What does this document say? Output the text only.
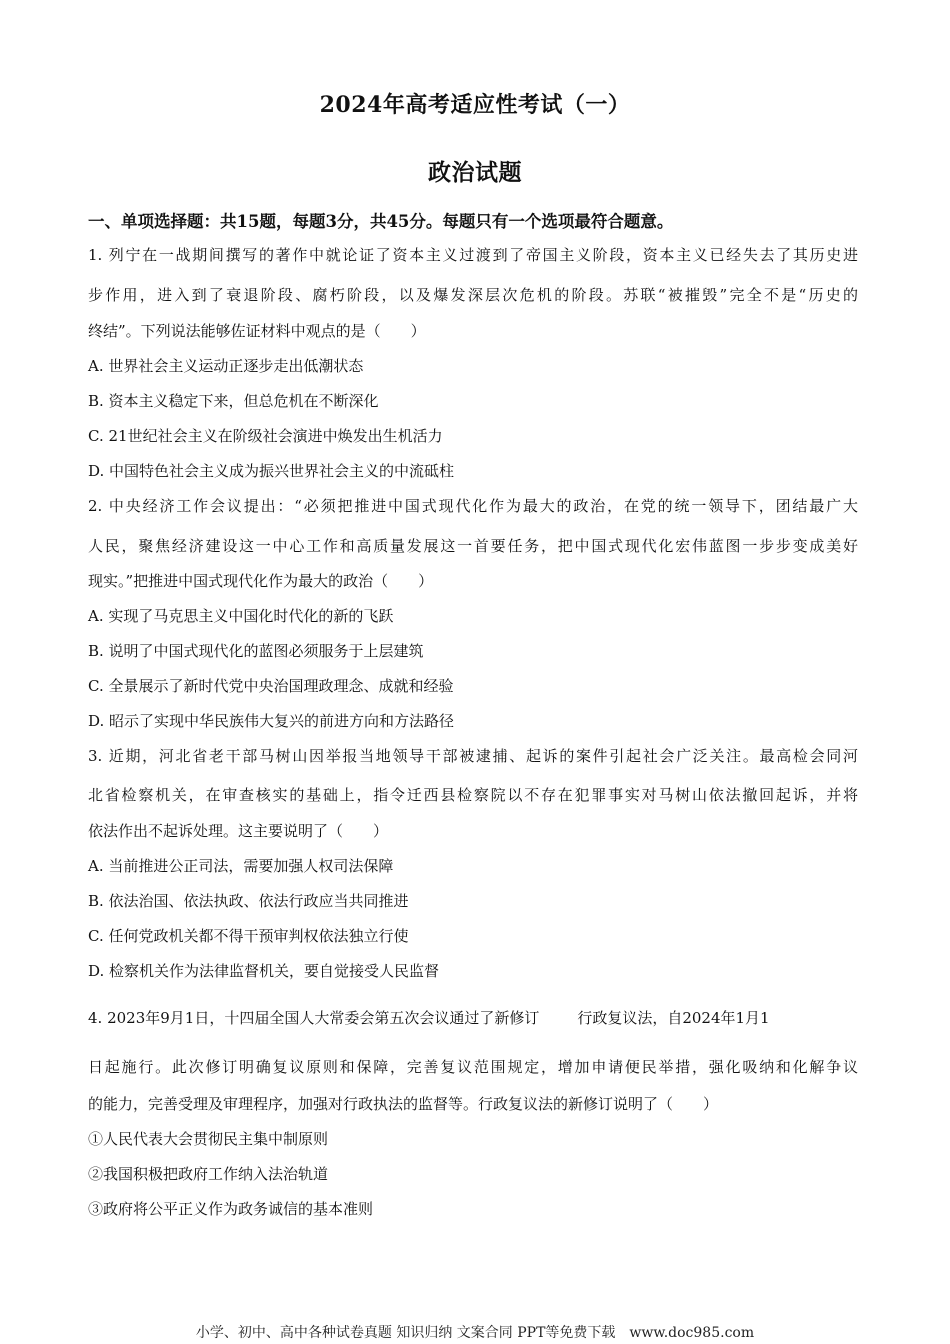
2024年高考适应性考试（一）
政治试题
一、单项选择题：共15题，每题3分，共45分。每题只有一个选项最符合题意。
1. 列宁在一战期间撰写的著作中就论证了资本主义过渡到了帝国主义阶段，资本主义已经失去了其历史进
步作用，进入到了衰退阶段、腐朽阶段，以及爆发深层次危机的阶段。苏联“被摧毁”完全不是“历史的
终结”。下列说法能够佐证材料中观点的是（　　）
A. 世界社会主义运动正逐步走出低潮状态
B. 资本主义稳定下来，但总危机在不断深化
C. 21世纪社会主义在阶级社会演进中焕发出生机活力
D. 中国特色社会主义成为振兴世界社会主义的中流砥柱
2. 中央经济工作会议提出：“必须把推进中国式现代化作为最大的政治，在党的统一领导下，团结最广大
人民，聚焦经济建设这一中心工作和高质量发展这一首要任务，把中国式现代化宏伟蓝图一步步变成美好
现实。”把推进中国式现代化作为最大的政治（　　）
A. 实现了马克思主义中国化时代化的新的飞跃
B. 说明了中国式现代化的蓝图必须服务于上层建筑
C. 全景展示了新时代党中央治国理政理念、成就和经验
D. 昭示了实现中华民族伟大复兴的前进方向和方法路径
3. 近期，河北省老干部马树山因举报当地领导干部被逮捕、起诉的案件引起社会广泛关注。最高检会同河
北省检察机关，在审查核实的基础上，指令迁西县检察院以不存在犯罪事实对马树山依法撤回起诉，并将
依法作出不起诉处理。这主要说明了（　　）
A. 当前推进公正司法，需要加强人权司法保障
B. 依法治国、依法执政、依法行政应当共同推进
C. 任何党政机关都不得干预审判权依法独立行使
D. 检察机关作为法律监督机关，要自觉接受人民监督
4. 2023年9月1日，十四届全国人大常委会第五次会议通过了新修订	行政复议法，自2024年1月1
日起施行。此次修订明确复议原则和保障，完善复议范围规定，增加申请便民举措，强化吸纳和化解争议
的能力，完善受理及审理程序，加强对行政执法的监督等。行政复议法的新修订说明了（　　）
①人民代表大会贯彻民主集中制原则
②我国积极把政府工作纳入法治轨道
③政府将公平正义作为政务诚信的基本准则
小学、初中、高中各种试卷真题 知识归纳 文案合同 PPT等免费下载 www.doc985.com
